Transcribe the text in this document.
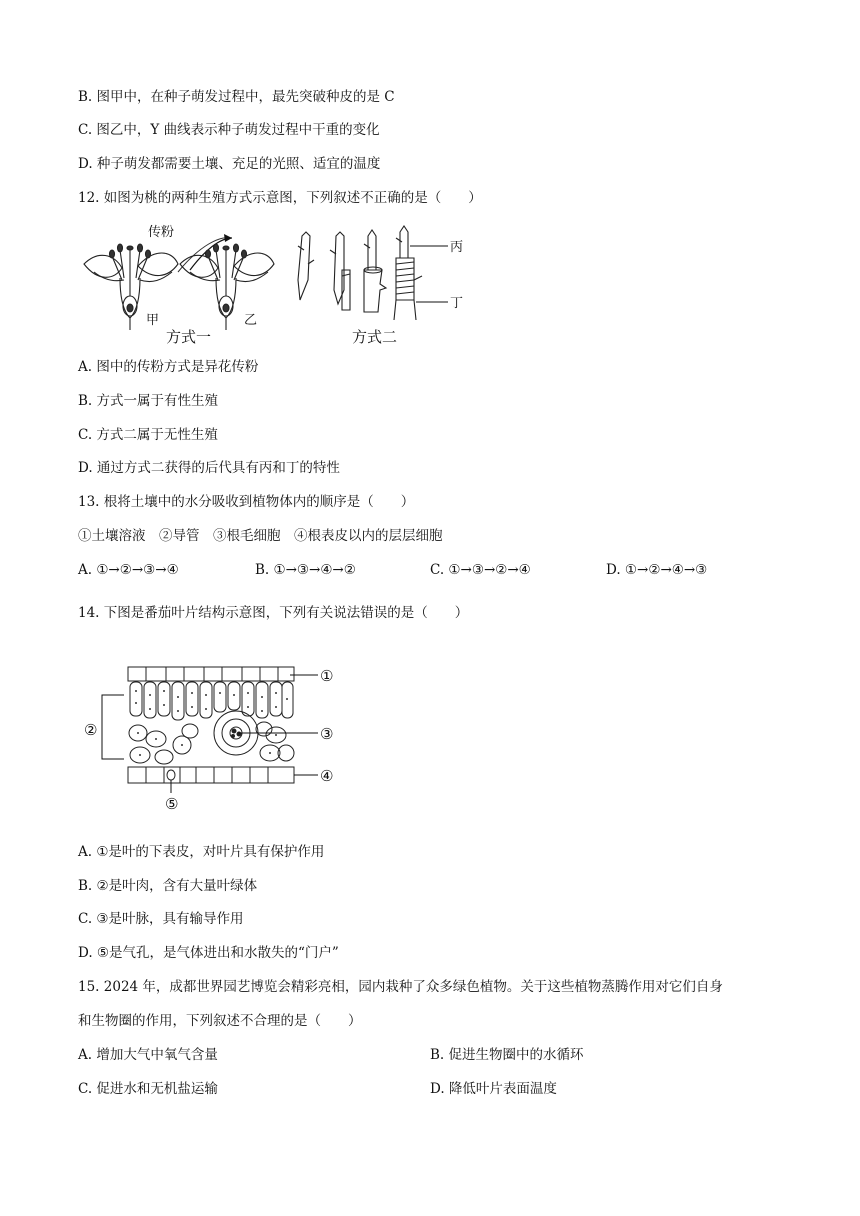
B. 图甲中，在种子萌发过程中，最先突破种皮的是 C
C. 图乙中，Y 曲线表示种子萌发过程中干重的变化
D. 种子萌发都需要土壤、充足的光照、适宜的温度
12. 如图为桃的两种生殖方式示意图，下列叙述不正确的是（　　）
传粉
甲	乙
方式一
丙
丁
方式二
A. 图中的传粉方式是异花传粉
B. 方式一属于有性生殖
C. 方式二属于无性生殖
D. 通过方式二获得的后代具有丙和丁的特性
13. 根将土壤中的水分吸收到植物体内的顺序是（　　）
①土壤溶液　②导管　③根毛细胞　④根表皮以内的层层细胞
A. ①→②→③→④	B. ①→③→④→②	C. ①→③→②→④	D. ①→②→④→③
14. 下图是番茄叶片结构示意图，下列有关说法错误的是（　　）
②
①
③
④
⑤
A. ①是叶的下表皮，对叶片具有保护作用
B. ②是叶肉，含有大量叶绿体
C. ③是叶脉，具有输导作用
D. ⑤是气孔，是气体进出和水散失的“门户”
15. 2024 年，成都世界园艺博览会精彩亮相，园内栽种了众多绿色植物。关于这些植物蒸腾作用对它们自身
和生物圈的作用，下列叙述不合理的是（　　）
A. 增加大气中氧气含量	B. 促进生物圈中的水循环
C. 促进水和无机盐运输	D. 降低叶片表面温度
